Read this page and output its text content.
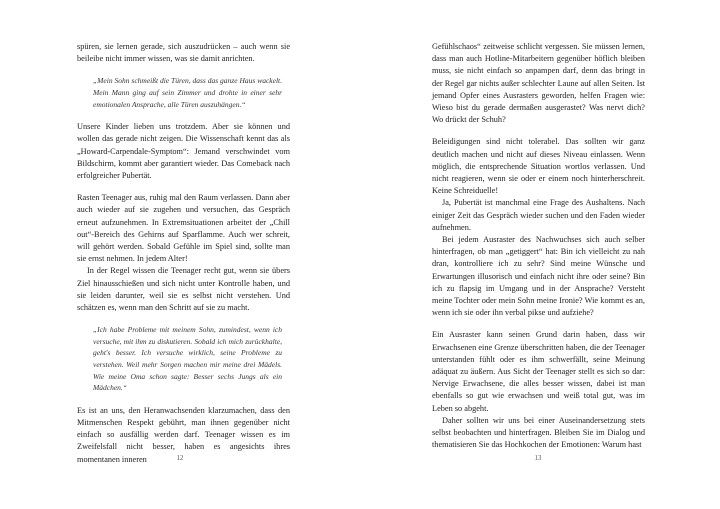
spüren, sie lernen gerade, sich auszudrücken – auch wenn sie beileibe nicht immer wissen, was sie damit anrichten.

„Mein Sohn schmeißt die Türen, dass das ganze Haus wackelt. Mein Mann ging auf sein Zimmer und drohte in einer sehr emotionalen Ansprache, alle Türen auszuhängen.“

Unsere Kinder lieben uns trotzdem. Aber sie können und wollen das gerade nicht zeigen. Die Wissenschaft kennt das als „Howard-Carpendale-Symptom“: Jemand verschwindet vom Bildschirm, kommt aber garantiert wieder. Das Comeback nach erfolgreicher Pubertät.

Rasten Teenager aus, ruhig mal den Raum verlassen. Dann aber auch wieder auf sie zugehen und versuchen, das Gespräch erneut aufzunehmen. In Extremsituationen arbeitet der „Chill out“-Bereich des Gehirns auf Sparflamme. Auch wer schreit, will gehört werden. Sobald Gefühle im Spiel sind, sollte man sie ernst nehmen. In jedem Alter!

In der Regel wissen die Teenager recht gut, wenn sie übers Ziel hinausschießen und sich nicht unter Kontrolle haben, und sie leiden darunter, weil sie es selbst nicht verstehen. Und schätzen es, wenn man den Schritt auf sie zu macht.

„Ich habe Probleme mit meinem Sohn, zumindest, wenn ich versuche, mit ihm zu diskutieren. Sobald ich mich zurückhalte, geht's besser. Ich versuche wirklich, seine Probleme zu verstehen. Weil mehr Sorgen machen mir meine drei Mädels. Wie meine Oma schon sagte: Besser sechs Jungs als ein Mädchen.“

Es ist an uns, den Heranwachsenden klarzumachen, dass den Mitmenschen Respekt gebührt, man ihnen gegenüber nicht einfach so ausfällig werden darf. Teenager wissen es im Zweifelsfall nicht besser, haben es angesichts ihres momentanen inneren	12

Gefühlschaos“ zeitweise schlicht vergessen. Sie müssen lernen, dass man auch Hotline-Mitarbeitern gegenüber höflich bleiben muss, sie nicht einfach so anpampen darf, denn das bringt in der Regel gar nichts außer schlechter Laune auf allen Seiten. Ist jemand Opfer eines Ausrasters geworden, helfen Fragen wie: Wieso bist du gerade dermaßen ausgerastet? Was nervt dich? Wo drückt der Schuh?

Beleidigungen sind nicht tolerabel. Das sollten wir ganz deutlich machen und nicht auf dieses Niveau einlassen. Wenn möglich, die entsprechende Situation wortlos verlassen. Und nicht reagieren, wenn sie oder er einem noch hinterherschreit. Keine Schreiduelle!

Ja, Pubertät ist manchmal eine Frage des Aushaltens. Nach einiger Zeit das Gespräch wieder suchen und den Faden wieder aufnehmen.

Bei jedem Ausraster des Nachwuchses sich auch selber hinterfragen, ob man „getiggert“ hat: Bin ich vielleicht zu nah dran, kontrolliere ich zu sehr? Sind meine Wünsche und Erwartungen illusorisch und einfach nicht ihre oder seine? Bin ich zu flapsig im Umgang und in der Ansprache? Versteht meine Tochter oder mein Sohn meine Ironie? Wie kommt es an, wenn ich sie oder ihn verbal pikse und aufziehe?

Ein Ausraster kann seinen Grund darin haben, dass wir Erwachsenen eine Grenze überschritten haben, die der Teenager unterstanden fühlt oder es ihm schwerfällt, seine Meinung adäquat zu äußern. Aus Sicht der Teenager stellt es sich so dar: Nervige Erwachsene, die alles besser wissen, dabei ist man ebenfalls so gut wie erwachsen und weiß total gut, was im Leben so abgeht.

Daher sollten wir uns bei einer Auseinandersetzung stets selbst beobachten und hinterfragen. Bleiben Sie im Dialog und thematisieren Sie das Hochkochen der Emotionen: Warum hast

13
